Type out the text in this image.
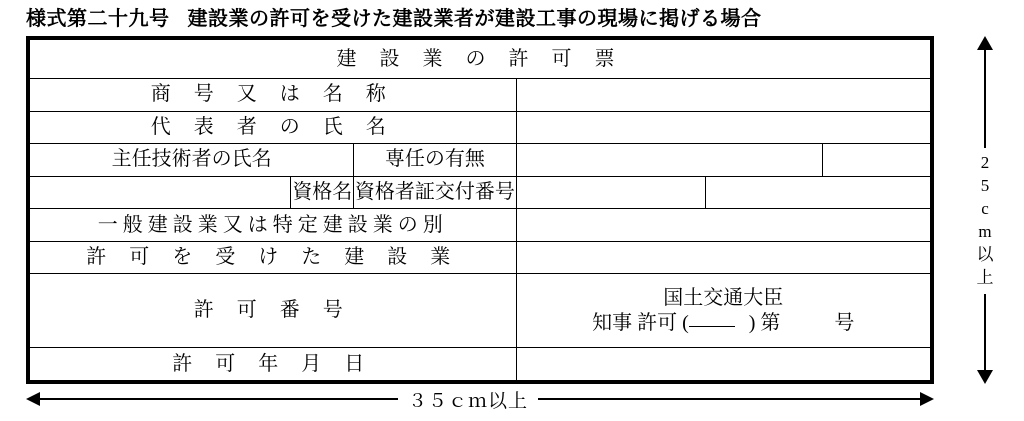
様式第二十九号 建設業の許可を受けた建設業者が建設工事の現場に掲げる場合
建 設 業 の 許 可 票					
商 号 又 は 名 称					
代 表 者 の 氏 名					
主任技術者の氏名		専任の有無			
	資格名	資格者証交付番号			
一般建設業又は特定建設業の別					
許 可 を 受 け た 建 設 業					
許 可 番 号			国土交通大臣
知事 許可 ( ) 第 号		

許 可 年 月 日					
2
5
c
m
以
上
３５ｃｍ以上
